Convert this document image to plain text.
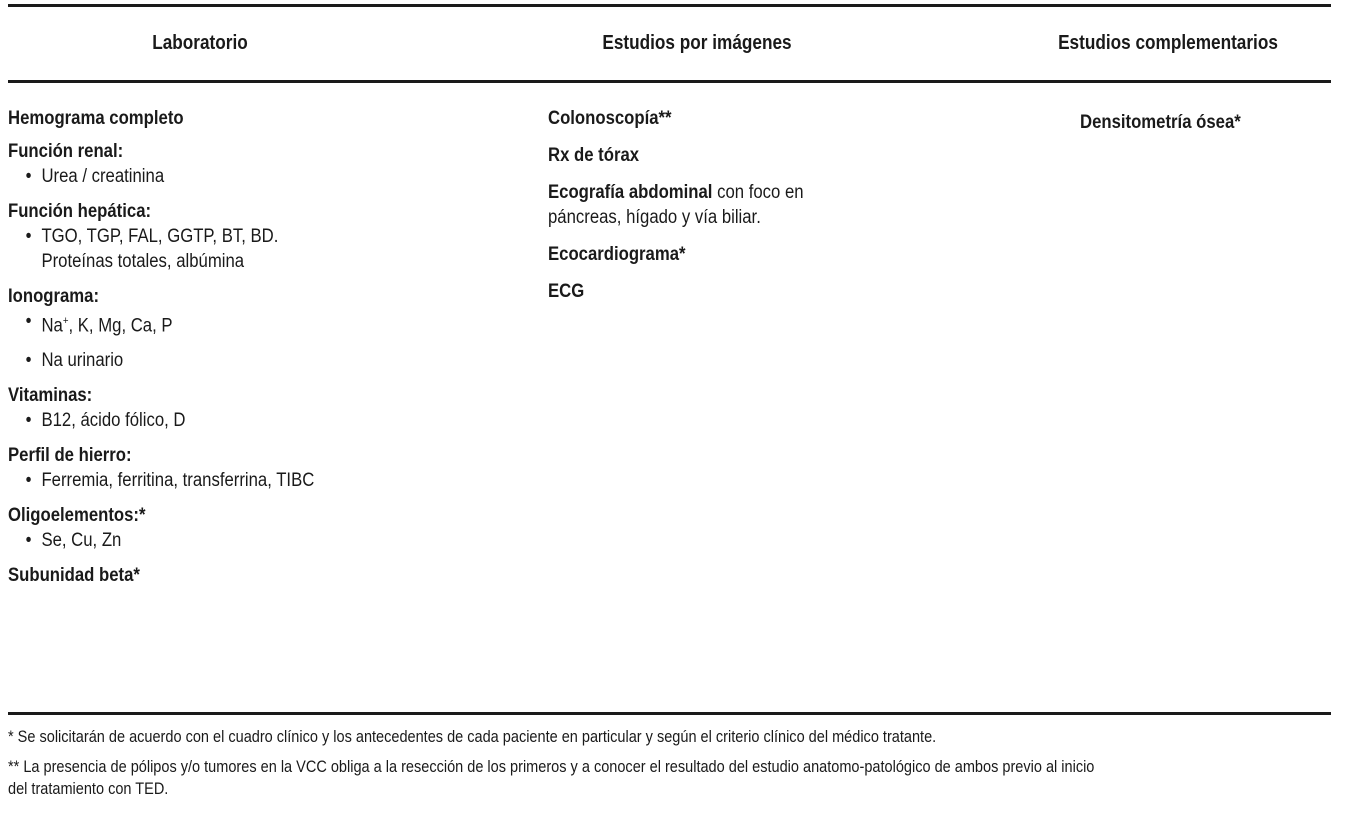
Laboratorio	Estudios por imágenes	Estudios complementarios
Hemograma completo
Función renal:
• Urea / creatinina
Función hepática:
• TGO, TGP, FAL, GGTP, BT, BD.
Proteínas totales, albúmina
Ionograma:
• Na+, K, Mg, Ca, P
• Na urinario
Vitaminas:
• B12, ácido fólico, D
Perfil de hierro:
• Ferremia, ferritina, transferrina, TIBC
Oligoelementos:*
• Se, Cu, Zn
Subunidad beta*
Colonoscopía**
Rx de tórax
Ecografía abdominal con foco en
páncreas, hígado y vía biliar.
Ecocardiograma*
ECG
Densitometría ósea*

* Se solicitarán de acuerdo con el cuadro clínico y los antecedentes de cada paciente en particular y según el criterio clínico del médico tratante.

** La presencia de pólipos y/o tumores en la VCC obliga a la resección de los primeros y a conocer el resultado del estudio anatomo-patológico de ambos previo al inicio
del tratamiento con TED.
